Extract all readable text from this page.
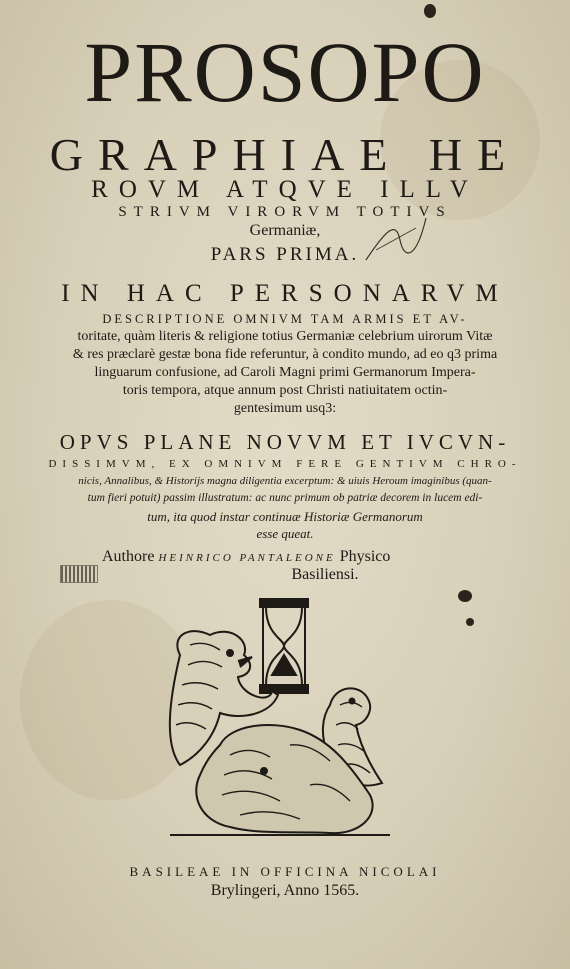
PROSOPO
GRAPHIAE HE
ROVM ATQVE ILLV
STRIVM VIRORVM TOTIVS
Germaniæ,
PARS PRIMA.
IN HAC PERSONARVM
DESCRIPTIONE OMNIVM TAM ARMIS ET AV-
toritate, quàm literis & religione totius Germaniæ celebrium uirorum Vitæ
& res præclarè gestæ bona fide referuntur, à condito mundo, ad eo q3 prima
linguarum confusione, ad Caroli Magni primi Germanorum Impera-
toris tempora, atque annum post Christi natiuitatem octin-
gentesimum usq3:
OPVS PLANE NOVVM ET IVCVN-
DISSIMVM, EX OMNIVM FERE GENTIVM CHRO-
nicis, Annalibus, & Historijs magna diligentia excerptum: & uiuis Heroum imaginibus (quan-
tum fieri potuit) passim illustratum: ac nunc primum ob patriæ decorem in lucem edi-
tum, ita quod instar continuæ Historiæ Germanorum
esse queat.
Authore HEINRICO PANTALEONE Physico
Basiliensi.
BASILEAE IN OFFICINA NICOLAI
Brylingeri, Anno 1565.
